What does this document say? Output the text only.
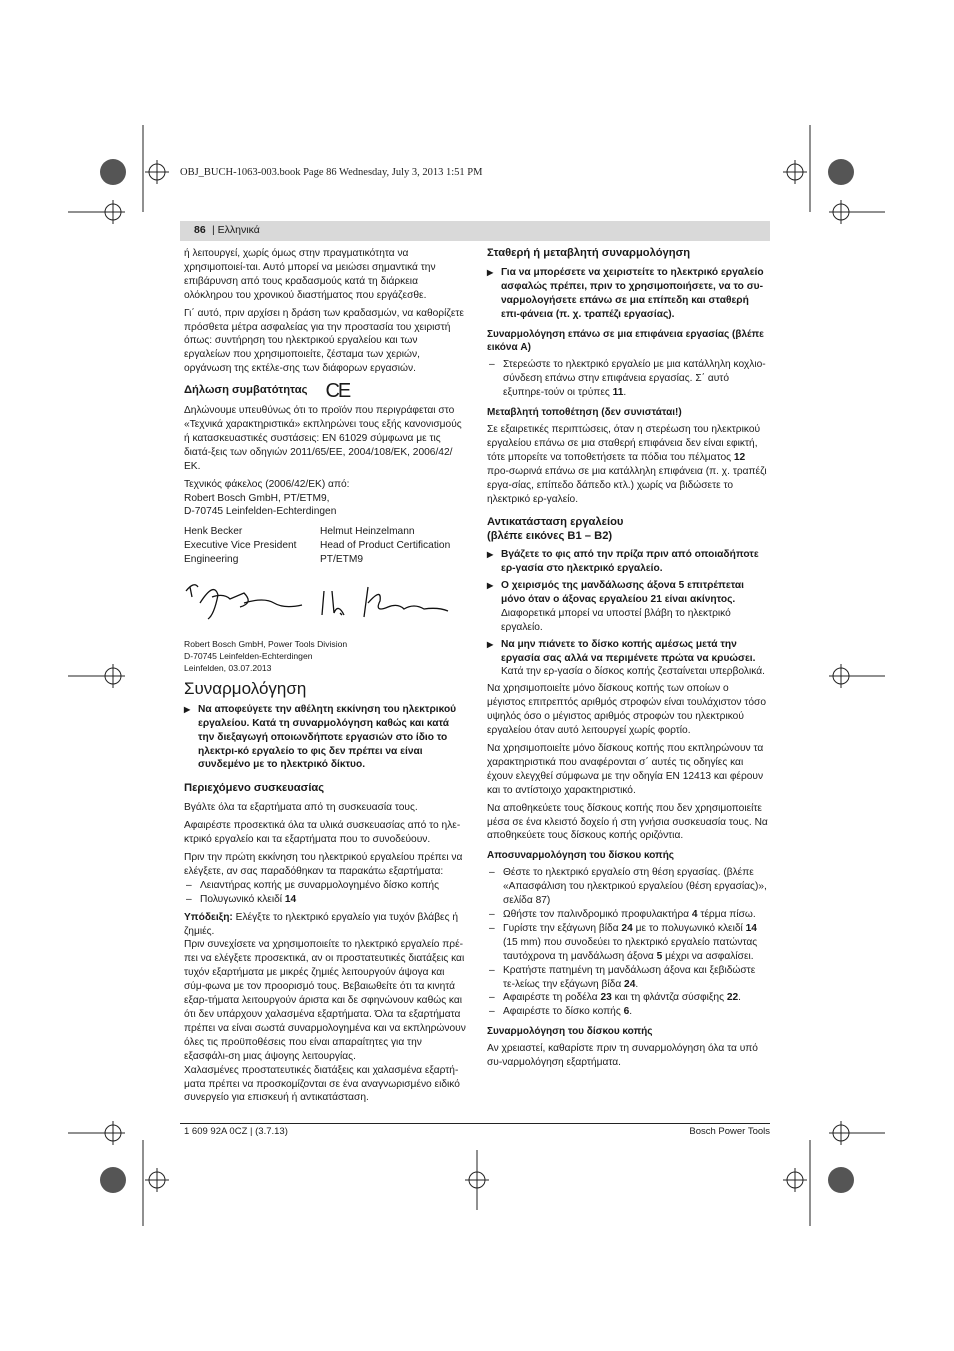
OBJ_BUCH-1063-003.book Page 86 Wednesday, July 3, 2013 1:51 PM
86 | Ελληνικά

ή λειτουργεί, χωρίς όμως στην πραγματικότητα να χρησιμοποιεί-ται. Αυτό μπορεί να μειώσει σημαντικά την επιβάρυνση από τους κραδασμούς κατά τη διάρκεια ολόκληρου του χρονικού διαστήματος που εργάζεσθε.

Γι΄ αυτό, πριν αρχίσει η δράση των κραδασμών, να καθορίζετε πρόσθετα μέτρα ασφαλείας για την προστασία του χειριστή όπως: συντήρηση του ηλεκτρικού εργαλείου και των εργαλείων που χρησιμοποιείτε, ζέσταμα των χεριών, οργάνωση της εκτέλε-σης των διάφορων εργασιών.

Δήλωση συμβατότητας CE

Δηλώνουμε υπευθύνως ότι το προϊόν που περιγράφεται στο «Τεχνικά χαρακτηριστικά» εκπληρώνει τους εξής κανονισμούς ή κατασκευαστικές συστάσεις: EN 61029 σύμφωνα με τις διατά-ξεις των οδηγιών 2011/65/ΕΕ, 2004/108/ΕΚ, 2006/42/ΕΚ.

Τεχνικός φάκελος (2006/42/ΕΚ) από:

Robert Bosch GmbH, PT/ETM9,
D-70745 Leinfelden-Echterdingen
Henk Becker
Executive Vice President
Engineering
Helmut Heinzelmann
Head of Product Certification
PT/ETM9
Robert Bosch GmbH, Power Tools Division
D-70745 Leinfelden-Echterdingen
Leinfelden, 03.07.2013
Συναρμολόγηση
▶ Να αποφεύγετε την αθέλητη εκκίνηση του ηλεκτρικού εργαλείου. Κατά τη συναρμολόγηση καθώς και κατά την διεξαγωγή οποιωνδήποτε εργασιών στο ίδιο το ηλεκτρι-κό εργαλείο το φις δεν πρέπει να είναι συνδεμένο με το ηλεκτρικό δίκτυο.
Περιεχόμενο συσκευασίας

Βγάλτε όλα τα εξαρτήματα από τη συσκευασία τους.

Αφαιρέστε προσεκτικά όλα τα υλικά συσκευασίας από το ηλε-κτρικό εργαλείο και τα εξαρτήματα που το συνοδεύουν.

Πριν την πρώτη εκκίνηση του ηλεκτρικού εργαλείου πρέπει να ελέγξετε, αν σας παραδόθηκαν τα παρακάτω εξαρτήματα:

– Λειαντήρας κοπής με συναρμολογημένο δίσκο κοπής
– Πολυγωνικό κλειδί 14

Υπόδειξη: Ελέγξτε το ηλεκτρικό εργαλείο για τυχόν βλάβες ή ζημιές.

Πριν συνεχίσετε να χρησιμοποιείτε το ηλεκτρικό εργαλείο πρέ-πει να ελέγξετε προσεκτικά, αν οι προστατευτικές διατάξεις και τυχόν εξαρτήματα με μικρές ζημιές λειτουργούν άψογα και σύμ-φωνα με τον προορισμό τους. Βεβαιωθείτε ότι τα κινητά εξαρ-τήματα λειτουργούν άριστα και δε σφηνώνουν καθώς και ότι δεν υπάρχουν χαλασμένα εξαρτήματα. Όλα τα εξαρτήματα πρέπει να είναι σωστά συναρμολογημένα και να εκπληρώνουν όλες τις προϋποθέσεις που είναι απαραίτητες για την εξασφάλι-ση μιας άψογης λειτουργίας.

Χαλασμένες προστατευτικές διατάξεις και χαλασμένα εξαρτή-ματα πρέπει να προσκομίζονται σε ένα αναγνωρισμένο ειδικό συνεργείο για επισκευή ή αντικατάσταση.

Σταθερή ή μεταβλητή συναρμολόγηση
▶ Για να μπορέσετε να χειριστείτε το ηλεκτρικό εργαλείο ασφαλώς πρέπει, πριν το χρησιμοποιήσετε, να το συ-ναρμολογήσετε επάνω σε μια επίπεδη και σταθερή επι-φάνεια (π. χ. τραπέζι εργασίας).
Συναρμολόγηση επάνω σε μια επιφάνεια εργασίας (βλέπε εικόνα A)
– Στερεώστε το ηλεκτρικό εργαλείο με μια κατάλληλη κοχλιο-σύνδεση επάνω στην επιφάνεια εργασίας. Σ΄ αυτό εξυπηρε-τούν οι τρύπες 11.
Μεταβλητή τοποθέτηση (δεν συνιστάται!)

Σε εξαιρετικές περιπτώσεις, όταν η στερέωση του ηλεκτρικού εργαλείου επάνω σε μια σταθερή επιφάνεια δεν είναι εφικτή, τότε μπορείτε να τοποθετήσετε τα πόδια του πέλματος 12 προ-σωρινά επάνω σε μια κατάλληλη επιφάνεια (π. χ. τραπέζι εργα-σίας, επίπεδο δάπεδο κτλ.) χωρίς να βιδώσετε το ηλεκτρικό ερ-γαλείο.

Αντικατάσταση εργαλείου
(βλέπε εικόνες B1 – B2)
▶ Βγάζετε το φις από την πρίζα πριν από οποιαδήποτε ερ-γασία στο ηλεκτρικό εργαλείο.
▶ Ο χειρισμός της μανδάλωσης άξονα 5 επιτρέπεται μόνο όταν ο άξονας εργαλείου 21 είναι ακίνητος. Διαφορετικά μπορεί να υποστεί βλάβη το ηλεκτρικό εργαλείο.
▶ Να μην πιάνετε το δίσκο κοπής αμέσως μετά την εργασία σας αλλά να περιμένετε πρώτα να κρυώσει. Κατά την ερ-γασία ο δίσκος κοπής ζεσταίνεται υπερβολικά.

Να χρησιμοποιείτε μόνο δίσκους κοπής των οποίων ο μέγιστος επιτρεπτός αριθμός στροφών είναι τουλάχιστον τόσο υψηλός όσο ο μέγιστος αριθμός στροφών του ηλεκτρικού εργαλείου όταν αυτό λειτουργεί χωρίς φορτίο.

Να χρησιμοποιείτε μόνο δίσκους κοπής που εκπληρώνουν τα χαρακτηριστικά που αναφέρονται σ΄ αυτές τις οδηγίες και έχουν ελεγχθεί σύμφωνα με την οδηγία EN 12413 και φέρουν και το αντίστοιχο χαρακτηριστικό.

Να αποθηκεύετε τους δίσκους κοπής που δεν χρησιμοποιείτε μέσα σε ένα κλειστό δοχείο ή στη γνήσια συσκευασία τους. Να αποθηκεύετε τους δίσκους κοπής οριζόντια.

Αποσυναρμολόγηση του δίσκου κοπής
– Θέστε το ηλεκτρικό εργαλείο στη θέση εργασίας. (βλέπε «Απασφάλιση του ηλεκτρικού εργαλείου (θέση εργασίας)», σελίδα 87)
– Ωθήστε τον παλινδρομικό προφυλακτήρα 4 τέρμα πίσω.
– Γυρίστε την εξάγωνη βίδα 24 με το πολυγωνικό κλειδί 14 (15 mm) που συνοδεύει το ηλεκτρικό εργαλείο πατώντας ταυτόχρονα τη μανδάλωση άξονα 5 μέχρι να ασφαλίσει.
– Κρατήστε πατημένη τη μανδάλωση άξονα και ξεβιδώστε τε-λείως την εξάγωνη βίδα 24.
– Αφαιρέστε τη ροδέλα 23 και τη φλάντζα σύσφιξης 22.
– Αφαιρέστε το δίσκο κοπής 6.
Συναρμολόγηση του δίσκου κοπής

Αν χρειαστεί, καθαρίστε πριν τη συναρμολόγηση όλα τα υπό συ-ναρμολόγηση εξαρτήματα.

1 609 92A 0CZ | (3.7.13)	Bosch Power Tools
